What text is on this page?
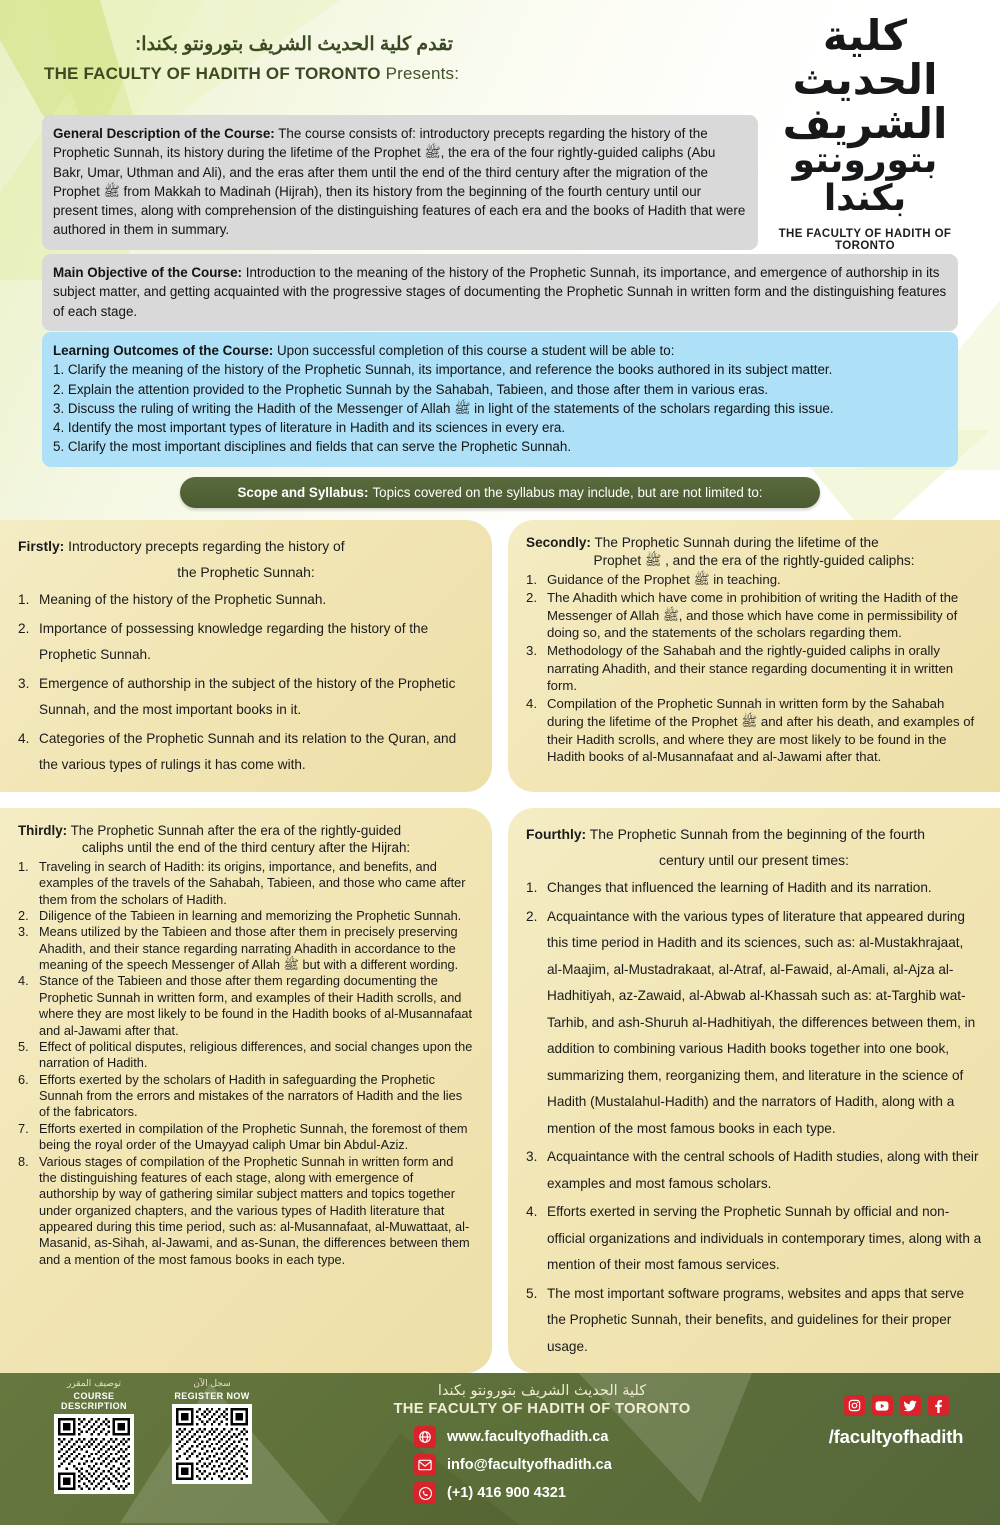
تقدم كلية الحديث الشريف بتورونتو بكندا:
THE FACULTY OF HADITH OF TORONTO Presents:
كلية الحديث الشريف
بتورونتو بكندا
THE FACULTY OF HADITH OF TORONTO

General Description of the Course: The course consists of: introductory precepts regarding the history of the Prophetic Sunnah, its history during the lifetime of the Prophet ﷺ, the era of the four rightly-guided caliphs (Abu Bakr, Umar, Uthman and Ali), and the eras after them until the end of the third century after the migration of the Prophet ﷺ from Makkah to Madinah (Hijrah), then its history from the beginning of the fourth century until our present times, along with comprehension of the distinguishing features of each era and the books of Hadith that were authored in them in summary.

Main Objective of the Course: Introduction to the meaning of the history of the Prophetic Sunnah, its importance, and emergence of authorship in its subject matter, and getting acquainted with the progressive stages of documenting the Prophetic Sunnah in written form and the distinguishing features of each stage.

Learning Outcomes of the Course: Upon successful completion of this course a student will be able to:

1. Clarify the meaning of the history of the Prophetic Sunnah, its importance, and reference the books authored in its subject matter.

2. Explain the attention provided to the Prophetic Sunnah by the Sahabah, Tabieen, and those after them in various eras.

3. Discuss the ruling of writing the Hadith of the Messenger of Allah ﷺ in light of the statements of the scholars regarding this issue.

4. Identify the most important types of literature in Hadith and its sciences in every era.

5. Clarify the most important disciplines and fields that can serve the Prophetic Sunnah.

Scope and Syllabus: Topics covered on the syllabus may include, but are not limited to:

Firstly: Introductory precepts regarding the history of
the Prophetic Sunnah:

Meaning of the history of the Prophetic Sunnah.
Importance of possessing knowledge regarding the history of the Prophetic Sunnah.
Emergence of authorship in the subject of the history of the Prophetic Sunnah, and the most important books in it.
Categories of the Prophetic Sunnah and its relation to the Quran, and the various types of rulings it has come with.

Secondly: The Prophetic Sunnah during the lifetime of the
Prophet ﷺ , and the era of the rightly-guided caliphs:

Guidance of the Prophet ﷺ in teaching.
The Ahadith which have come in prohibition of writing the Hadith of the Messenger of Allah ﷺ, and those which have come in permissibility of doing so, and the statements of the scholars regarding them.
Methodology of the Sahabah and the rightly-guided caliphs in orally narrating Ahadith, and their stance regarding documenting it in written form.
Compilation of the Prophetic Sunnah in written form by the Sahabah during the lifetime of the Prophet ﷺ and after his death, and examples of their Hadith scrolls, and where they are most likely to be found in the Hadith books of al-Musannafaat and al-Jawami after that.

Thirdly: The Prophetic Sunnah after the era of the rightly-guided
caliphs until the end of the third century after the Hijrah:

Traveling in search of Hadith: its origins, importance, and benefits, and examples of the travels of the Sahabah, Tabieen, and those who came after them from the scholars of Hadith.
Diligence of the Tabieen in learning and memorizing the Prophetic Sunnah.
Means utilized by the Tabieen and those after them in precisely preserving Ahadith, and their stance regarding narrating Ahadith in accordance to the meaning of the speech Messenger of Allah ﷺ but with a different wording.
Stance of the Tabieen and those after them regarding documenting the Prophetic Sunnah in written form, and examples of their Hadith scrolls, and where they are most likely to be found in the Hadith books of al-Musannafaat and al-Jawami after that.
Effect of political disputes, religious differences, and social changes upon the narration of Hadith.
Efforts exerted by the scholars of Hadith in safeguarding the Prophetic Sunnah from the errors and mistakes of the narrators of Hadith and the lies of the fabricators.
Efforts exerted in compilation of the Prophetic Sunnah, the foremost of them being the royal order of the Umayyad caliph Umar bin Abdul-Aziz.
Various stages of compilation of the Prophetic Sunnah in written form and the distinguishing features of each stage, along with emergence of authorship by way of gathering similar subject matters and topics together under organized chapters, and the various types of Hadith literature that appeared during this time period, such as: al-Musannafaat, al-Muwattaat, al-Masanid, as-Sihah, al-Jawami, and as-Sunan, the differences between them and a mention of the most famous books in each type.

Fourthly: The Prophetic Sunnah from the beginning of the fourth
century until our present times:

Changes that influenced the learning of Hadith and its narration.
Acquaintance with the various types of literature that appeared during this time period in Hadith and its sciences, such as: al-Mustakhrajaat, al-Maajim, al-Mustadrakaat, al-Atraf, al-Fawaid, al-Amali, al-Ajza al-Hadhitiyah, az-Zawaid, al-Abwab al-Khassah such as: at-Targhib wat-Tarhib, and ash-Shuruh al-Hadhitiyah, the differences between them, in addition to combining various Hadith books together into one book, summarizing them, reorganizing them, and literature in the science of Hadith (Mustalahul-Hadith) and the narrators of Hadith, along with a mention of the most famous books in each type.
Acquaintance with the central schools of Hadith studies, along with their examples and most famous scholars.
Efforts exerted in serving the Prophetic Sunnah by official and non-official organizations and individuals in contemporary times, along with a mention of their most famous services.
The most important software programs, websites and apps that serve the Prophetic Sunnah, their benefits, and guidelines for their proper usage.
توصيف المقرر
COURSE DESCRIPTION
سجل الآن
REGISTER NOW	كلية الحديث الشريف بتورونتو بكندا
THE FACULTY OF HADITH OF TORONTO
www.facultyofhadith.ca
info@facultyofhadith.ca
(+1) 416 900 4321
/facultyofhadith
